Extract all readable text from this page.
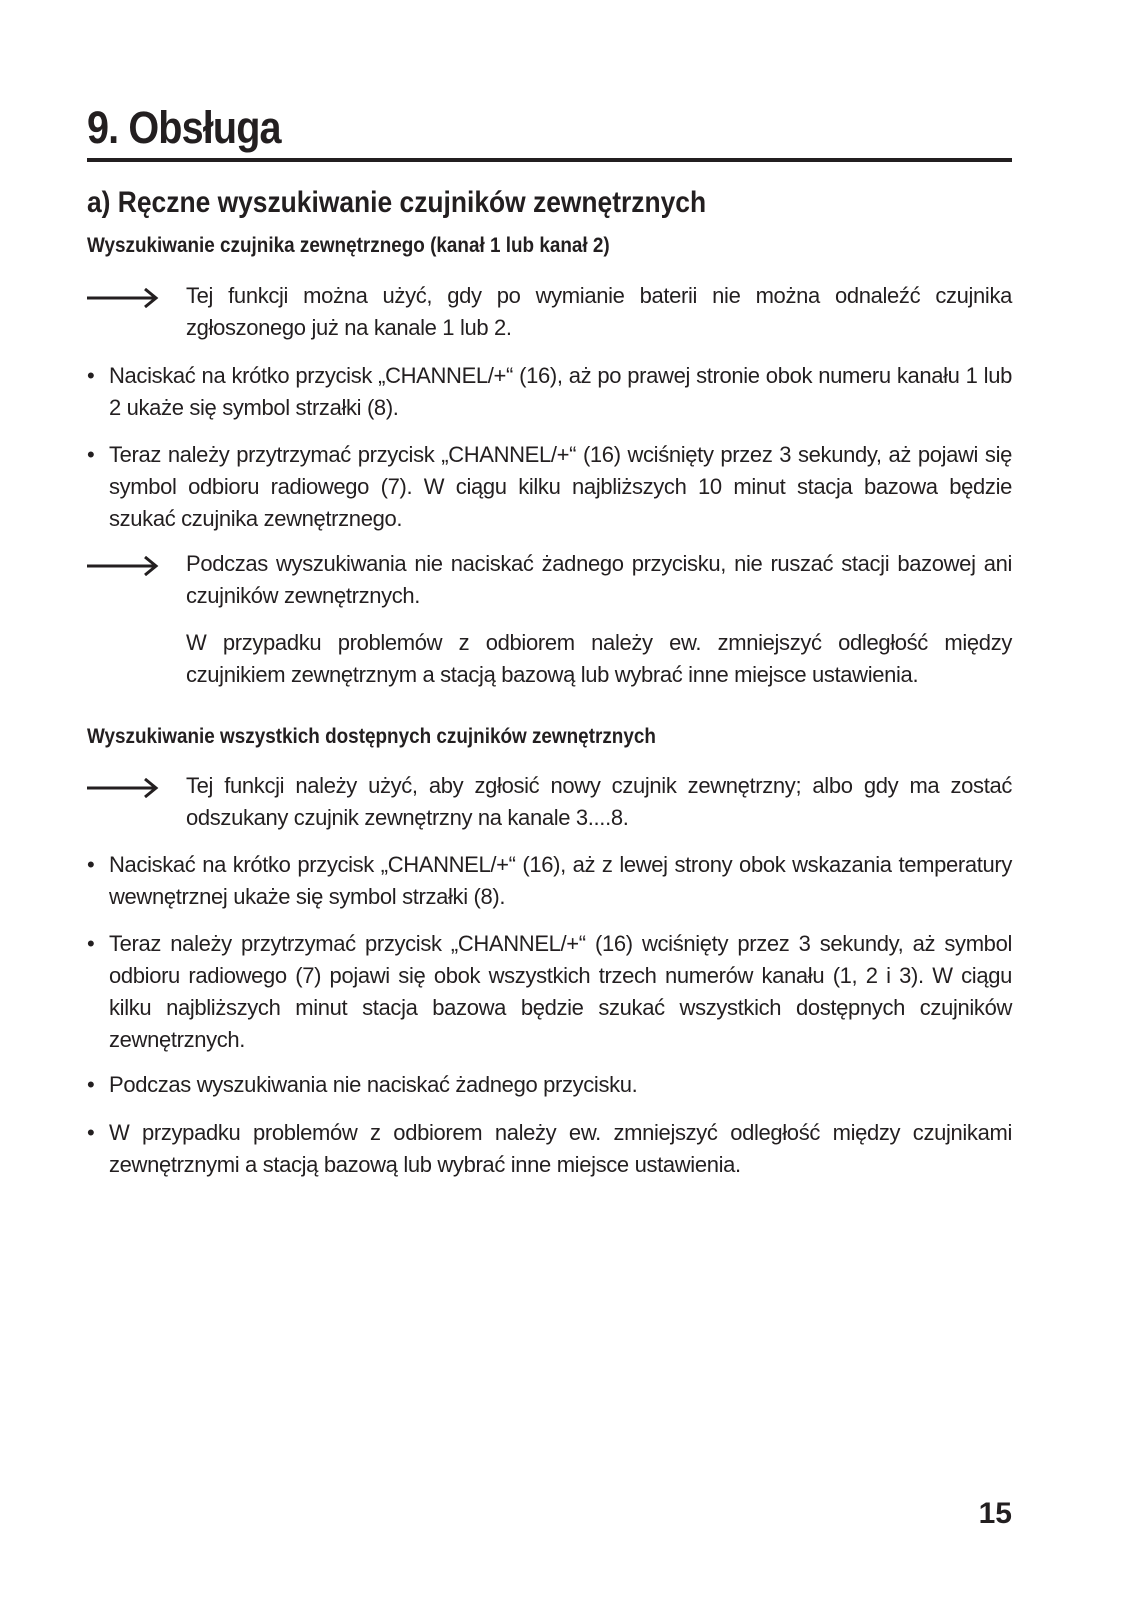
9. Obsługa
a) Ręczne wyszukiwanie czujników zewnętrznych
Wyszukiwanie czujnika zewnętrznego (kanał 1 lub kanał 2)

Tej funkcji można użyć, gdy po wymianie baterii nie można odnaleźć czujnika zgłoszonego już na kanale 1 lub 2.

• Naciskać na krótko przycisk „CHANNEL/+“ (16), aż po prawej stronie obok numeru kanału 1 lub 2 ukaże się symbol strzałki (8).

• Teraz należy przytrzymać przycisk „CHANNEL/+“ (16) wciśnięty przez 3 sekundy, aż pojawi się symbol odbioru radiowego (7). W ciągu kilku najbliższych 10 minut stacja bazowa będzie szukać czujnika zewnętrznego.

Podczas wyszukiwania nie naciskać żadnego przycisku, nie ruszać stacji bazowej ani czujników zewnętrznych.

W przypadku problemów z odbiorem należy ew. zmniejszyć odległość między czujnikiem zewnętrznym a stacją bazową lub wybrać inne miejsce ustawienia.

Wyszukiwanie wszystkich dostępnych czujników zewnętrznych

Tej funkcji należy użyć, aby zgłosić nowy czujnik zewnętrzny; albo gdy ma zostać odszukany czujnik zewnętrzny na kanale 3....8.

• Naciskać na krótko przycisk „CHANNEL/+“ (16), aż z lewej strony obok wskazania temperatury wewnętrznej ukaże się symbol strzałki (8).

• Teraz należy przytrzymać przycisk „CHANNEL/+“ (16) wciśnięty przez 3 sekundy, aż symbol odbioru radiowego (7) pojawi się obok wszystkich trzech numerów kanału (1, 2 i 3). W ciągu kilku najbliższych minut stacja bazowa będzie szukać wszystkich dostępnych czujników zewnętrznych.

• Podczas wyszukiwania nie naciskać żadnego przycisku.

• W przypadku problemów z odbiorem należy ew. zmniejszyć odległość między czujnikami zewnętrznymi a stacją bazową lub wybrać inne miejsce ustawienia.

15
